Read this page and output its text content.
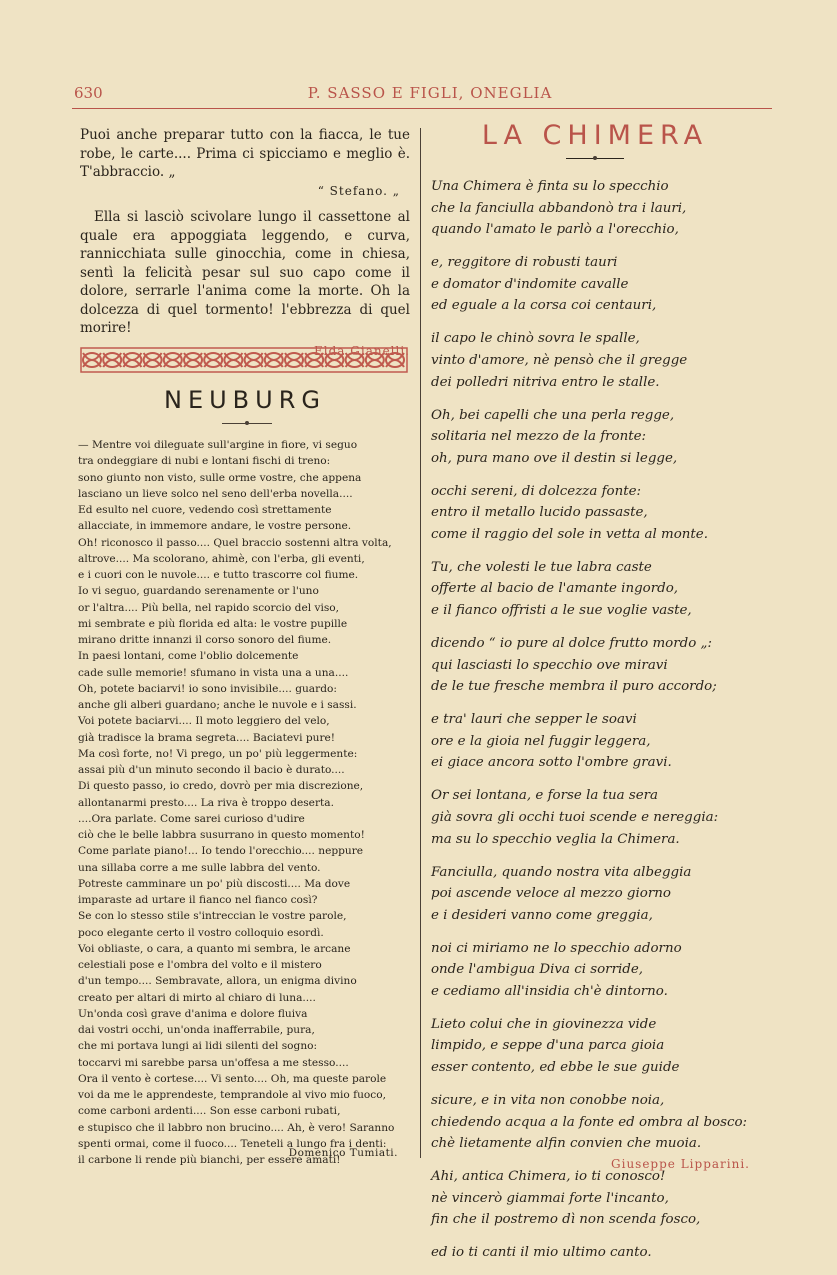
630	P. SASSO E FIGLI, ONEGLIA

Puoi anche preparar tutto con la fiacca, le tue robe, le carte.... Prima ci spicciamo e meglio è. T'abbraccio. „

“ Stefano. „

Ella si lasciò scivolare lungo il cassettone al quale era appoggiata leggendo, e curva, rannicchiata sulle ginocchia, come in chiesa, sentì la felicità pesar sul suo capo come il dolore, serrarle l'anima come la morte. Oh la dolcezza di quel tormento! l'ebbrezza di quel morire!

Elda Gianelli.
NEUBURG
— Mentre voi dileguate sull'argine in fiore, vi seguo
tra ondeggiare di nubi e lontani fischi di treno:
sono giunto non visto, sulle orme vostre, che appena
lasciano un lieve solco nel seno dell'erba novella....
Ed esulto nel cuore, vedendo così strettamente
allacciate, in immemore andare, le vostre persone.
Oh! riconosco il passo.... Quel braccio sostenni altra volta,
altrove.... Ma scolorano, ahimè, con l'erba, gli eventi,
e i cuori con le nuvole.... e tutto trascorre col fiume.
Io vi seguo, guardando serenamente or l'uno
or l'altra.... Più bella, nel rapido scorcio del viso,
mi sembrate e più florida ed alta: le vostre pupille
mirano dritte innanzi il corso sonoro del fiume.
In paesi lontani, come l'oblio dolcemente
cade sulle memorie! sfumano in vista una a una....
Oh, potete baciarvi! io sono invisibile.... guardo:
anche gli alberi guardano; anche le nuvole e i sassi.
Voi potete baciarvi.... Il moto leggiero del velo,
già tradisce la brama segreta.... Baciatevi pure!
Ma così forte, no! Vi prego, un po' più leggermente:
assai più d'un minuto secondo il bacio è durato....
Di questo passo, io credo, dovrò per mia discrezione,
allontanarmi presto.... La riva è troppo deserta.
....Ora parlate. Come sarei curioso d'udire
ciò che le belle labbra susurrano in questo momento!
Come parlate piano!... Io tendo l'orecchio.... neppure
una sillaba corre a me sulle labbra del vento.
Potreste camminare un po' più discosti.... Ma dove
imparaste ad urtare il fianco nel fianco così?
Se con lo stesso stile s'intreccian le vostre parole,
poco elegante certo il vostro colloquio esordì.
Voi obliaste, o cara, a quanto mi sembra, le arcane
celestiali pose e l'ombra del volto e il mistero
d'un tempo.... Sembravate, allora, un enigma divino
creato per altari di mirto al chiaro di luna....
Un'onda così grave d'anima e dolore fluiva
dai vostri occhi, un'onda inafferrabile, pura,
che mi portava lungi ai lidi silenti del sogno:
toccarvi mi sarebbe parsa un'offesa a me stesso....
Ora il vento è cortese.... Vi sento.... Oh, ma queste parole
voi da me le apprendeste, temprandole al vivo mio fuoco,
come carboni ardenti.... Son esse carboni rubati,
e stupisco che il labbro non brucino.... Ah, è vero! Saranno
spenti ormai, come il fuoco.... Teneteli a lungo fra i denti:
il carbone li rende più bianchi, per essere amati!
Domenico Tumiati.
LA CHIMERA
Una Chimera è finta su lo specchio
che la fanciulla abbandonò tra i lauri,
quando l'amato le parlò a l'orecchio,
e, reggitore di robusti tauri
e domator d'indomite cavalle
ed eguale a la corsa coi centauri,
il capo le chinò sovra le spalle,
vinto d'amore, nè pensò che il gregge
dei polledri nitriva entro le stalle.
Oh, bei capelli che una perla regge,
solitaria nel mezzo de la fronte:
oh, pura mano ove il destin si legge,
occhi sereni, di dolcezza fonte:
entro il metallo lucido passaste,
come il raggio del sole in vetta al monte.
Tu, che volesti le tue labra caste
offerte al bacio de l'amante ingordo,
e il fianco offristi a le sue voglie vaste,
dicendo “ io pure al dolce frutto mordo „:
qui lasciasti lo specchio ove miravi
de le tue fresche membra il puro accordo;
e tra' lauri che sepper le soavi
ore e la gioia nel fuggir leggera,
ei giace ancora sotto l'ombre gravi.
Or sei lontana, e forse la tua sera
già sovra gli occhi tuoi scende e nereggia:
ma su lo specchio veglia la Chimera.
Fanciulla, quando nostra vita albeggia
poi ascende veloce al mezzo giorno
e i desideri vanno come greggia,
noi ci miriamo ne lo specchio adorno
onde l'ambigua Diva ci sorride,
e cediamo all'insidia ch'è dintorno.
Lieto colui che in giovinezza vide
limpido, e seppe d'una parca gioia
esser contento, ed ebbe le sue guide
sicure, e in vita non conobbe noia,
chiedendo acqua a la fonte ed ombra al bosco:
chè lietamente alfin convien che muoia.
Ahi, antica Chimera, io ti conosco!
nè vincerò giammai forte l'incanto,
fin che il postremo dì non scenda fosco,
ed io ti canti il mio ultimo canto.
Giuseppe Lipparini.
